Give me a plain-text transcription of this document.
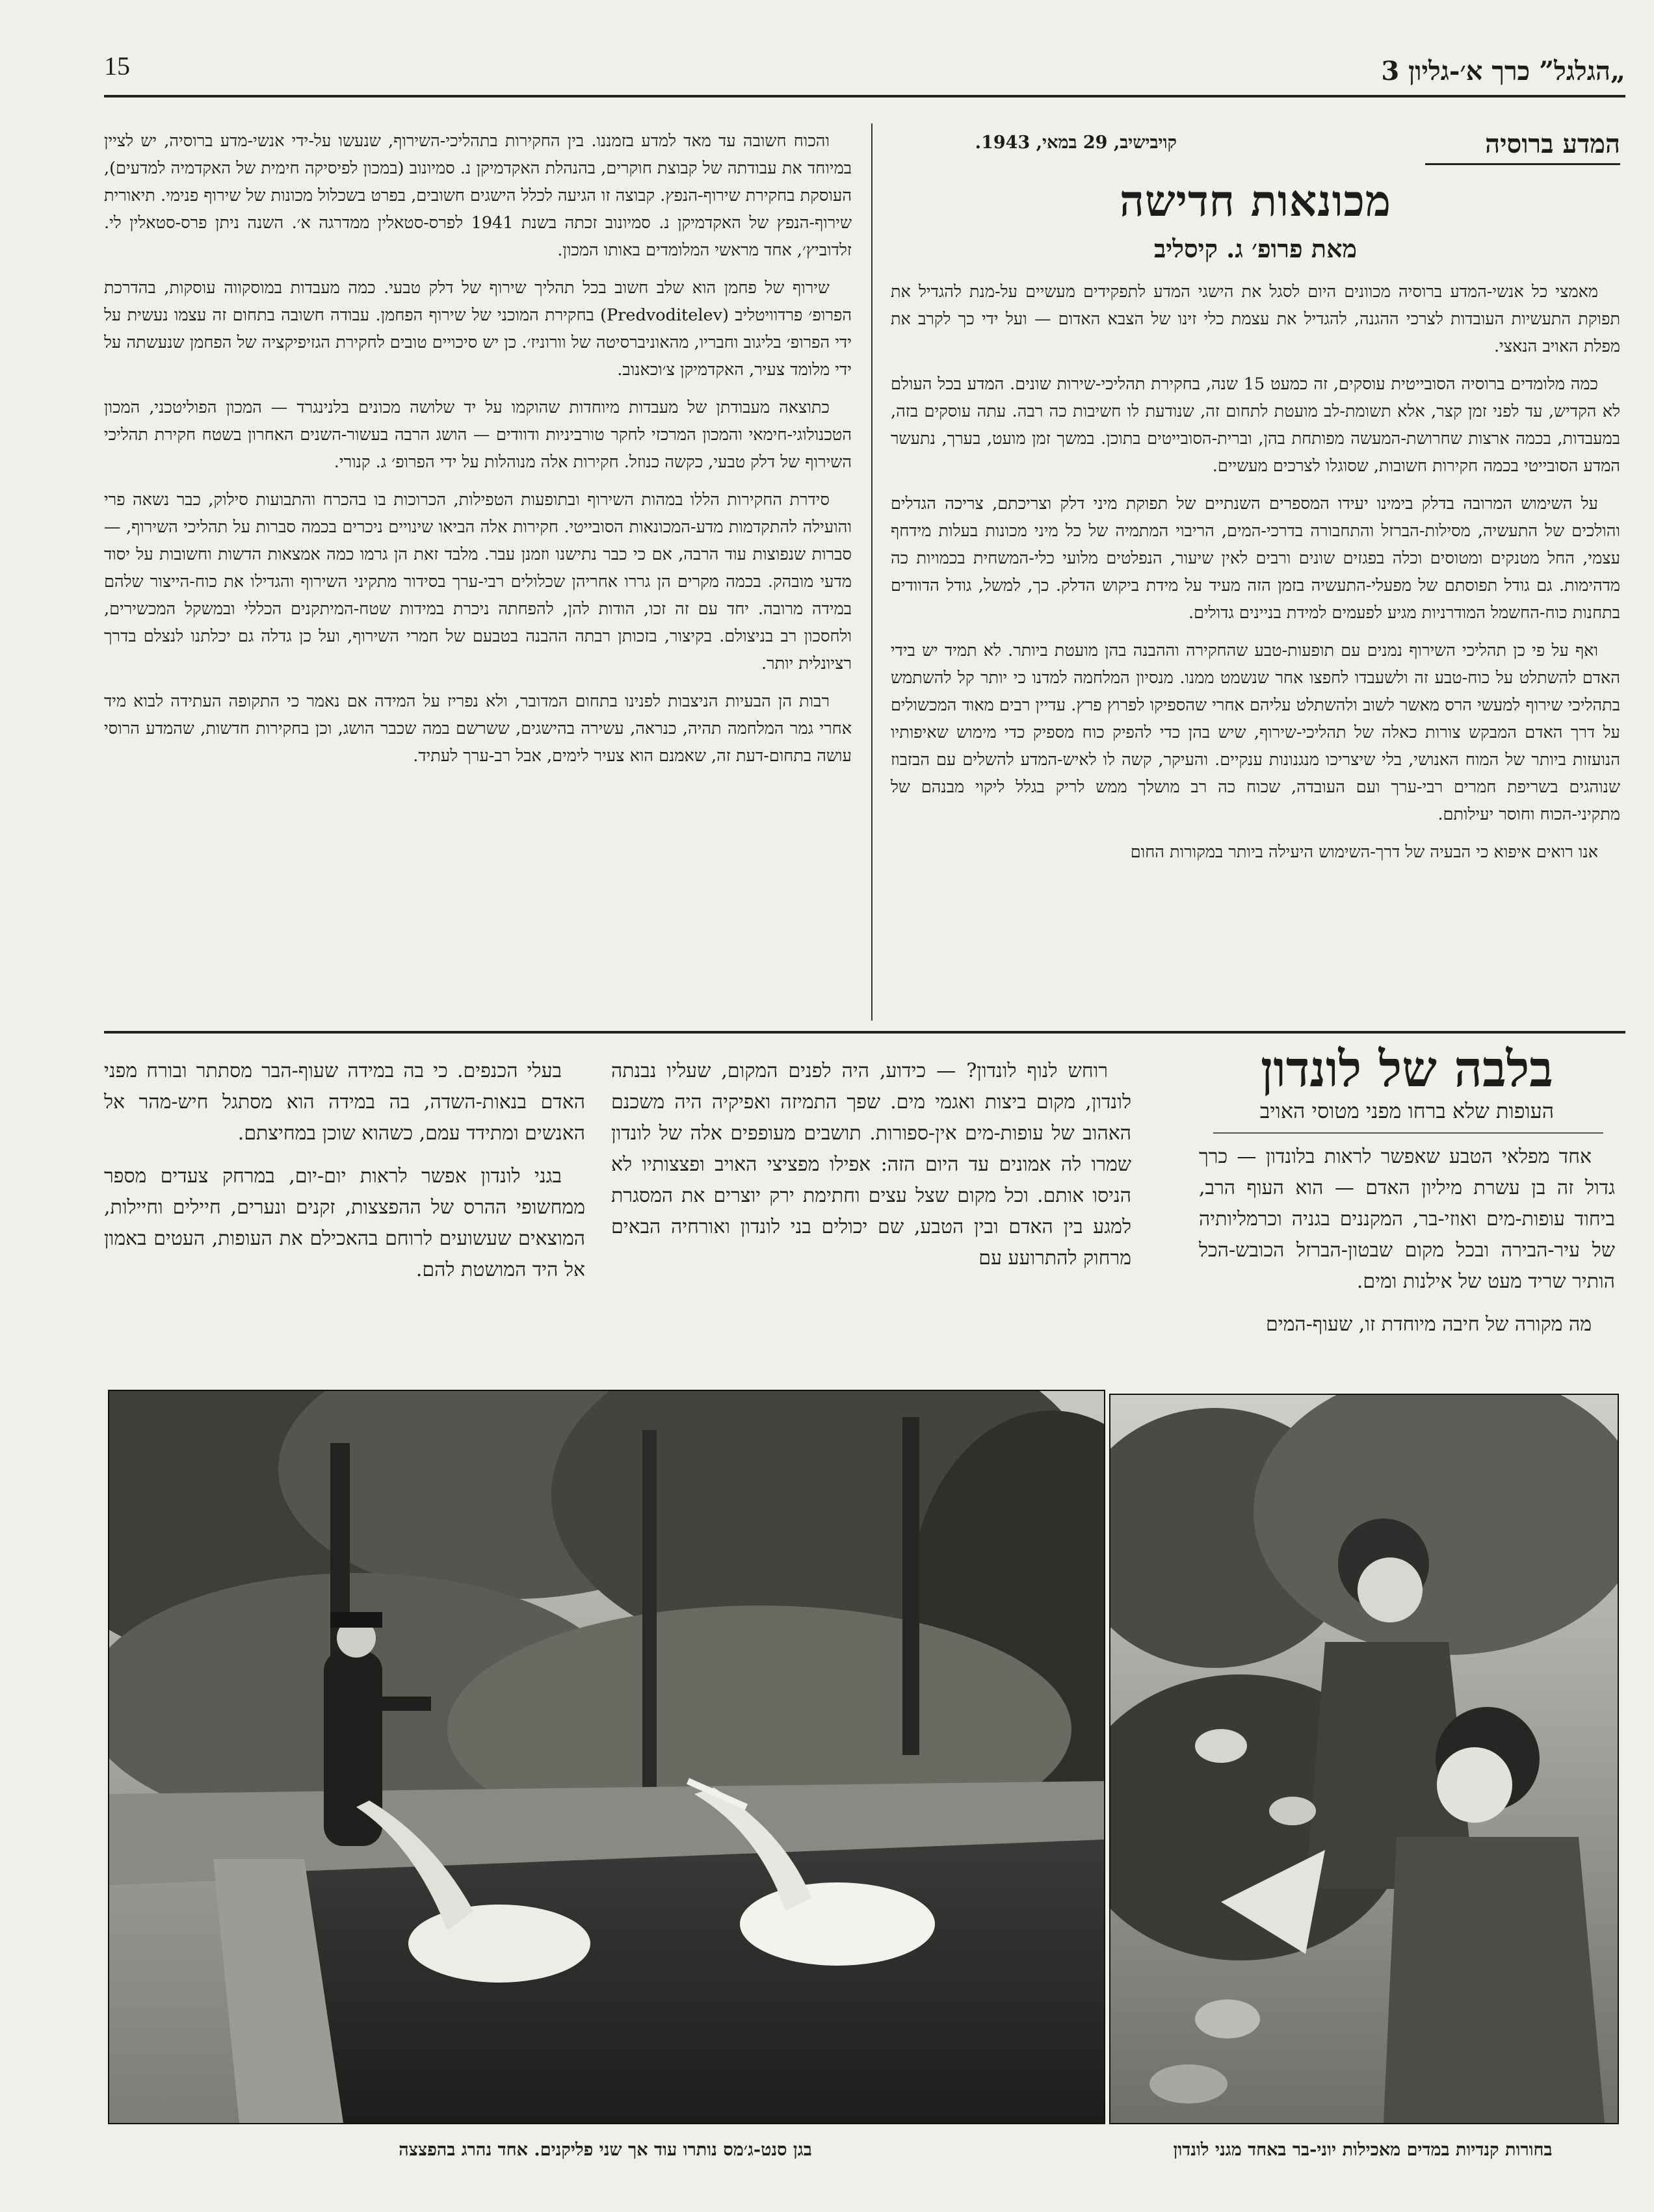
15	„הגלגל” כרך א׳-גליון 3
המדע ברוסיה
קויבישיב, 29 במאי, 1943.
מכונאות חדישה
מאת פרופ׳ ג. קיסליב

מאמצי כל אנשי-המדע ברוסיה מכוונים היום לסגל את הישגי המדע לתפקידים מעשיים על-מנת להגדיל את תפוקת התעשיות העובדות לצרכי ההגנה, להגדיל את עצמת כלי זינו של הצבא האדום — ועל ידי כך לקרב את מפלת האויב הנאצי.

כמה מלומדים ברוסיה הסובייטית עוסקים, זה כמעט 15 שנה, בחקירת תהליכי-שירות שונים. המדע בכל העולם לא הקדיש, עד לפני זמן קצר, אלא תשומת-לב מועטת לתחום זה, שנודעת לו חשיבות כה רבה. עתה עוסקים בזה, במעבדות, בכמה ארצות שחרושת-המעשה מפותחת בהן, וברית-הסובייטים בתוכן. במשך זמן מועט, בערך, נתעשר המדע הסובייטי בכמה חקירות חשובות, שסוגלו לצרכים מעשיים.

על השימוש המרובה בדלק בימינו יעידו המספרים השנתיים של תפוקת מיני דלק וצריכתם, צריכה הגדלים והולכים של התעשיה, מסילות-הברזל והתחבורה בדרכי-המים, הריבוי המתמיה של כל מיני מכונות בעלות מידחף עצמי, החל מטנקים ומטוסים וכלה בפגזים שונים ורבים לאין שיעור, הנפלטים מלועי כלי-המשחית בכמויות כה מדהימות. גם גודל תפוסתם של מפעלי-התעשיה בזמן הזה מעיד על מידת ביקוש הדלק. כך, למשל, גודל הדוודים בתחנות כוח-החשמל המודרניות מגיע לפעמים למידת בניינים גדולים.

ואף על פי כן תהליכי השירוף נמנים עם תופעות-טבע שהחקירה וההבנה בהן מועטת ביותר. לא תמיד יש בידי האדם להשתלט על כוח-טבע זה ולשעבדו לחפצו אחר שנשמט ממנו. מנסיון המלחמה למדנו כי יותר קל להשתמש בתהליכי שירוף למעשי הרס מאשר לשוב ולהשתלט עליהם אחרי שהספיקו לפרוץ פרץ. עדיין רבים מאוד המכשולים על דרך האדם המבקש צורות כאלה של תהליכי-שירוף, שיש בהן כדי להפיק כוח מספיק כדי מימוש שאיפותיו הנועזות ביותר של המוח האנושי, בלי שיצריכו מנגנונות ענקיים. והעיקר, קשה לו לאיש-המדע להשלים עם הבזבוז שנוהגים בשריפת חמרים רבי-ערך ועם העובדה, שכוח כה רב מושלך ממש לריק בגלל ליקוי מבנהם של מתקיני-הכוח וחוסר יעילותם.

אנו רואים איפוא כי הבעיה של דרך-השימוש היעילה ביותר במקורות החום

והכוח חשובה עד מאד למדע בזמננו. בין החקירות בתהליכי-השירוף, שנעשו על-ידי אנשי-מדע ברוסיה, יש לציין במיוחד את עבודתה של קבוצת חוקרים, בהנהלת האקדמיקן נ. סמיונוב (במכון לפיסיקה חימית של האקדמיה למדעים), העוסקת בחקירת שירוף-הנפץ. קבוצה זו הגיעה לכלל הישגים חשובים, בפרט בשכלול מכונות של שירוף פנימי. תיאורית שירוף-הנפץ של האקדמיקן נ. סמיונוב זכתה בשנת 1941 לפרס-סטאלין ממדרגה א׳. השנה ניתן פרס-סטאלין לי. זלדוביץ׳, אחד מראשי המלומדים באותו המכון.

שירוף של פחמן הוא שלב חשוב בכל תהליך שירוף של דלק טבעי. כמה מעבדות במוסקווה עוסקות, בהדרכת הפרופ׳ פרדוויטליב (Predvoditelev) בחקירת המוכני של שירוף הפחמן. עבודה חשובה בתחום זה עצמו נעשית על ידי הפרופ׳ בליגוב וחבריו, מהאוניברסיטה של וורוניז׳. כן יש סיכויים טובים לחקירת הגזיפיקציה של הפחמן שנעשתה על ידי מלומד צעיר, האקדמיקן צ׳וכאנוב.

כתוצאה מעבודתן של מעבדות מיוחדות שהוקמו על יד שלושה מכונים בלנינגרד — המכון הפוליטכני, המכון הטכנולוגי-חימאי והמכון המרכזי לחקר טורביניות ודוודים — הושג הרבה בעשור-השנים האחרון בשטח חקירת תהליכי השירוף של דלק טבעי, כקשה כנוזל. חקירות אלה מנוהלות על ידי הפרופ׳ ג. קנורי.

סידרת החקירות הללו במהות השירוף ובתופעות הטפילות, הכרוכות בו בהכרח והתבועות סילוק, כבר נשאה פרי והועילה להתקדמות מדע-המכונאות הסובייטי. חקירות אלה הביאו שינויים ניכרים בכמה סברות על תהליכי השירוף, — סברות שנפוצות עוד הרבה, אם כי כבר נתישנו וזמנן עבר. מלבד זאת הן גרמו כמה אמצאות הדשות וחשובות על יסוד מדעי מובהק. בכמה מקרים הן גררו אחריהן שכלולים רבי-ערך בסידור מתקיני השירוף והגדילו את כוח-הייצור שלהם במידה מרובה. יחד עם זה זכו, הודות להן, להפחתה ניכרת במידות שטח-המיתקנים הכללי ובמשקל המכשירים, ולחסכון רב בניצולם. בקיצור, בזכותן רבתה ההבנה בטבעם של חמרי השירוף, ועל כן גדלה גם יכלתנו לנצלם בדרך רציונלית יותר.

רבות הן הבעיות הניצבות לפנינו בתחום המדובר, ולא נפריז על המידה אם נאמר כי התקופה העתידה לבוא מיד אחרי גמר המלחמה תהיה, כנראה, עשירה בהישגים, ששרשם במה שכבר הושג, וכן בחקירות חדשות, שהמדע הרוסי עושה בתחום-דעת זה, שאמנם הוא צעיר לימים, אבל רב-ערך לעתיד.

בלבה של לונדון
העופות שלא ברחו מפני מטוסי האויב

אחד מפלאי הטבע שאפשר לראות בלונדון — כרך גדול זה בן עשרת מיליון האדם — הוא העוף הרב, ביחוד עופות-מים ואוזי-בר, המקננים בגניה וכרמליותיה של עיר-הבירה ובכל מקום שבטון-הברזל הכובש-הכל הותיר שריד מעט של אילנות ומים.

מה מקורה של חיבה מיוחדת זו, שעוף-המים

רוחש לנוף לונדון? — כידוע, היה לפנים המקום, שעליו נבנתה לונדון, מקום ביצות ואגמי מים. שפך התמיזה ואפיקיה היה משכנם האהוב של עופות-מים אין-ספורות. תושבים מעופפים אלה של לונדון שמרו לה אמונים עד היום הזה: אפילו מפציצי האויב ופצצותיו לא הניסו אותם. וכל מקום שצל עצים וחתימת ירק יוצרים את המסגרת למגע בין האדם ובין הטבע, שם יכולים בני לונדון ואורחיה הבאים מרחוק להתרועע עם

בעלי הכנפים. כי בה במידה שעוף-הבר מסתתר ובורח מפני האדם בנאות-השדה, בה במידה הוא מסתגל חיש-מהר אל האנשים ומתידד עמם, כשהוא שוכן במחיצתם.

בגני לונדון אפשר לראות יום-יום, במרחק צעדים מספר ממחשופי ההרס של ההפצצות, זקנים ונערים, חיילים וחיילות, המוצאים שעשועים לרוחם בהאכילם את העופות, העטים באמון אל היד המושטת להם.

בגן סנט-ג׳מס נותרו עוד אך שני פליקנים. אחד נהרג בהפצצה	בחורות קנדיות במדים מאכילות יוני-בר באחד מגני לונדון
